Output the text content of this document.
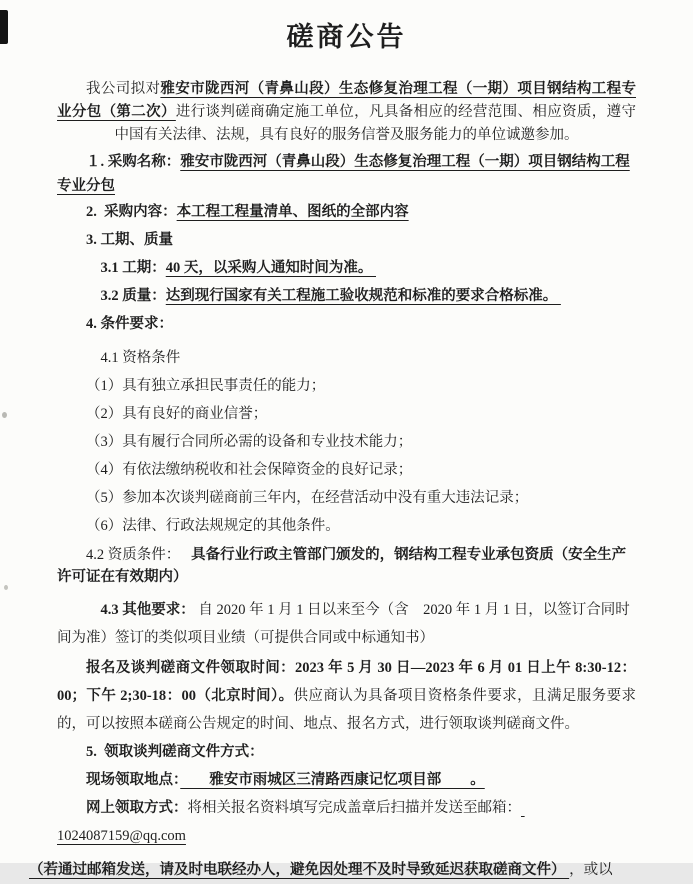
磋商公告

我公司拟对雅安市陇西河（青鼻山段）生态修复治理工程（一期）项目钢结构工程专业分包（第二次）进行谈判磋商确定施工单位，凡具备相应的经营范围、相应资质，遵守中国有关法律、法规，具有良好的服务信誉及服务能力的单位诚邀参加。

１. 采购名称：雅安市陇西河（青鼻山段）生态修复治理工程（一期）项目钢结构工程专业分包

2.  采购内容：本工程工程量清单、图纸的全部内容

3. 工期、质量

3.1 工期：40 天，以采购人通知时间为准。

3.2 质量：达到现行国家有关工程施工验收规范和标准的要求合格标准。

4. 条件要求：

4.1 资格条件

（1）具有独立承担民事责任的能力；

（2）具有良好的商业信誉；

（3）具有履行合同所必需的设备和专业技术能力；

（4）有依法缴纳税收和社会保障资金的良好记录；

（5）参加本次谈判磋商前三年内，在经营活动中没有重大违法记录；

（6）法律、行政法规规定的其他条件。

4.2 资质条件：　 具备行业行政主管部门颁发的，钢结构工程专业承包资质（安全生产许可证在有效期内）

4.3 其他要求： 自 2020 年 1 月 1 日以来至今（含　2020 年 1 月 1 日，以签订合同时间为准）签订的类似项目业绩（可提供合同或中标通知书）

报名及谈判磋商文件领取时间：2023 年 5 月 30 日—2023 年 6 月 01 日上午 8:30-12：00；下午 2;30-18：00（北京时间）。供应商认为具备项目资格条件要求，且满足服务要求的，可以按照本磋商公告规定的时间、地点、报名方式，进行领取谈判磋商文件。

5.  领取谈判磋商文件方式：

现场领取地点：　　雅安市雨城区三清路西康记忆项目部　　。

网上领取方式：将相关报名资料填写完成盖章后扫描并发送至邮箱： 1024087159@qq.com

（若通过邮箱发送，请及时电联经办人，避免因处理不及时导致延迟获取磋商文件） ，或以
